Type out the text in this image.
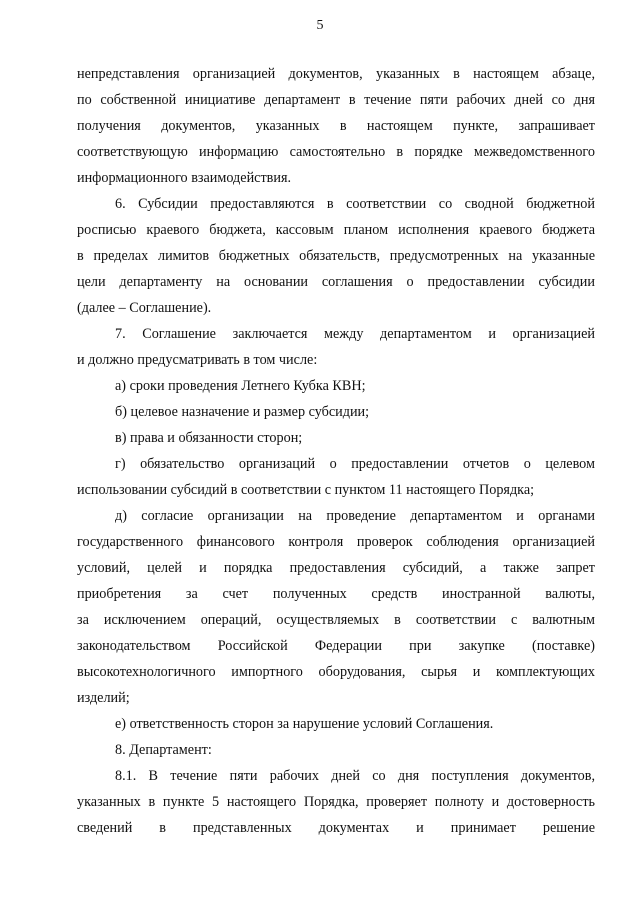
5
непредставления организацией документов, указанных в настоящем абзаце,
по собственной инициативе департамент в течение пяти рабочих дней со дня
получения документов, указанных в настоящем пункте, запрашивает
соответствующую информацию самостоятельно в порядке межведомственного
информационного взаимодействия.
6. Субсидии предоставляются в соответствии со сводной бюджетной
росписью краевого бюджета, кассовым планом исполнения краевого бюджета
в пределах лимитов бюджетных обязательств, предусмотренных на указанные
цели департаменту на основании соглашения о предоставлении субсидии
(далее – Соглашение).
7. Соглашение заключается между департаментом и организацией
и должно предусматривать в том числе:
а) сроки проведения Летнего Кубка КВН;
б) целевое назначение и размер субсидии;
в) права и обязанности сторон;
г) обязательство организаций о предоставлении отчетов о целевом
использовании субсидий в соответствии с пунктом 11 настоящего Порядка;
д) согласие организации на проведение департаментом и органами
государственного финансового контроля проверок соблюдения организацией
условий, целей и порядка предоставления субсидий, а также запрет
приобретения за счет полученных средств иностранной валюты,
за исключением операций, осуществляемых в соответствии с валютным
законодательством Российской Федерации при закупке (поставке)
высокотехнологичного импортного оборудования, сырья и комплектующих
изделий;
е) ответственность сторон за нарушение условий Соглашения.
8. Департамент:
8.1. В течение пяти рабочих дней со дня поступления документов,
указанных в пункте 5 настоящего Порядка, проверяет полноту и достоверность
сведений в представленных документах и принимает решение
